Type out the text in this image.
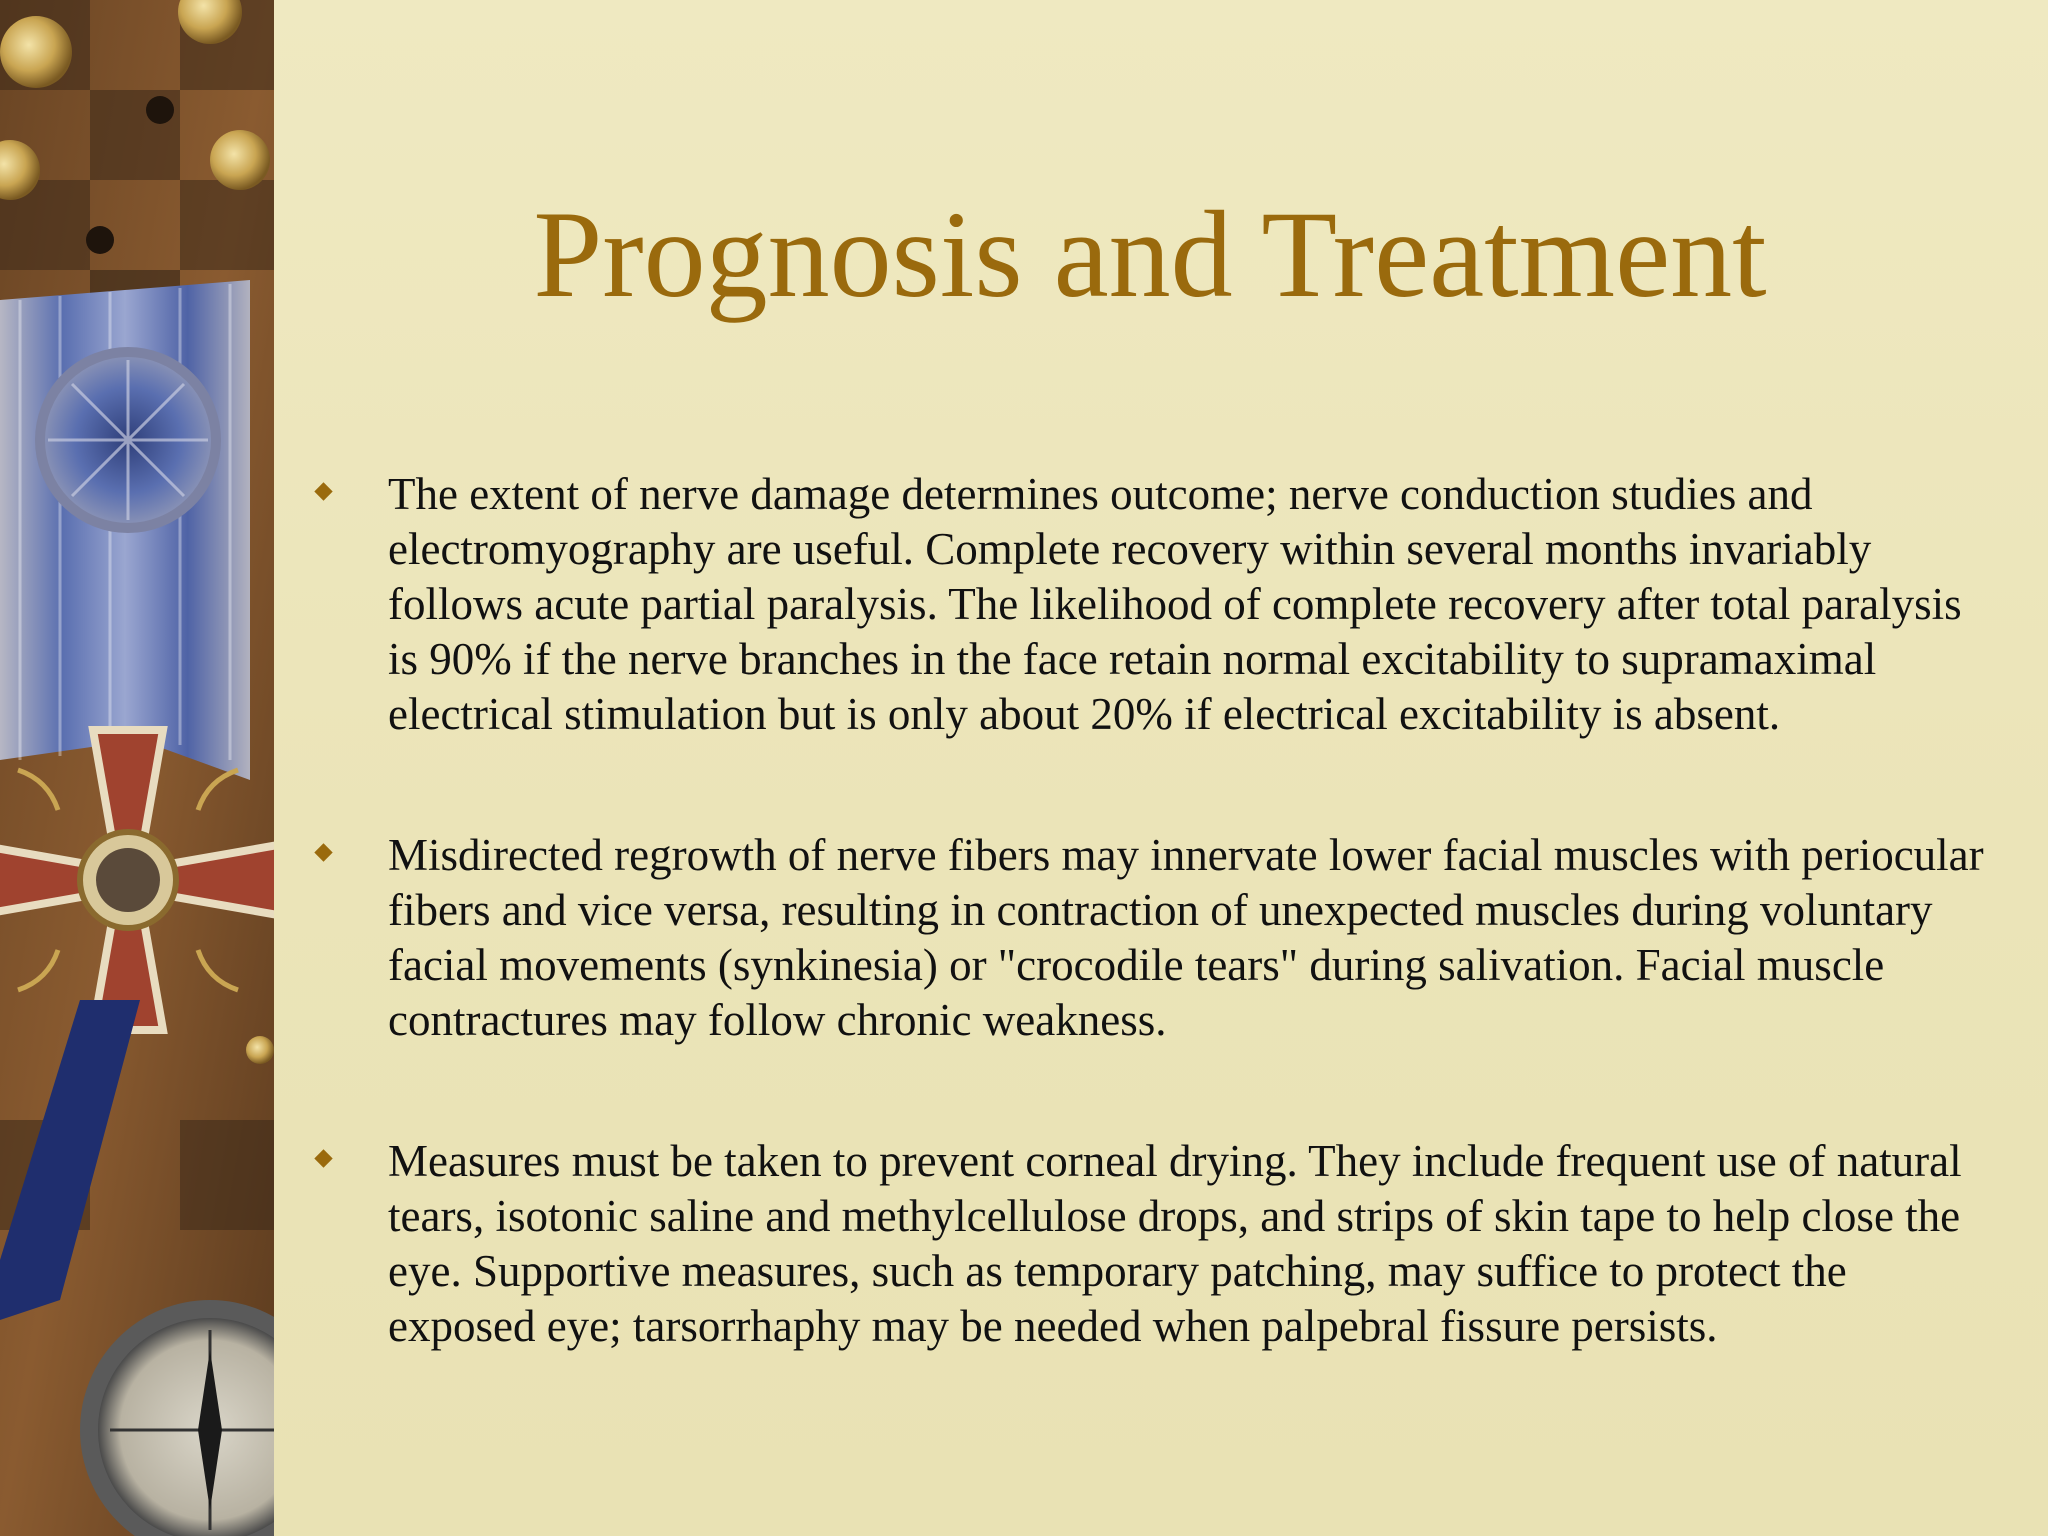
Prognosis and Treatment
The extent of nerve damage determines outcome; nerve conduction studies and electromyography are useful. Complete recovery within several months invariably follows acute partial paralysis. The likelihood of complete recovery after total paralysis is 90% if the nerve branches in the face retain normal excitability to supramaximal electrical stimulation but is only about 20% if electrical excitability is absent.
Misdirected regrowth of nerve fibers may innervate lower facial muscles with periocular fibers and vice versa, resulting in contraction of unexpected muscles during voluntary facial movements (synkinesia) or "crocodile tears" during salivation. Facial muscle contractures may follow chronic weakness.
Measures must be taken to prevent corneal drying. They include frequent use of natural tears, isotonic saline and methylcellulose drops, and strips of skin tape to help close the eye. Supportive measures, such as temporary patching, may suffice to protect the exposed eye; tarsorrhaphy may be needed when palpebral fissure persists.
